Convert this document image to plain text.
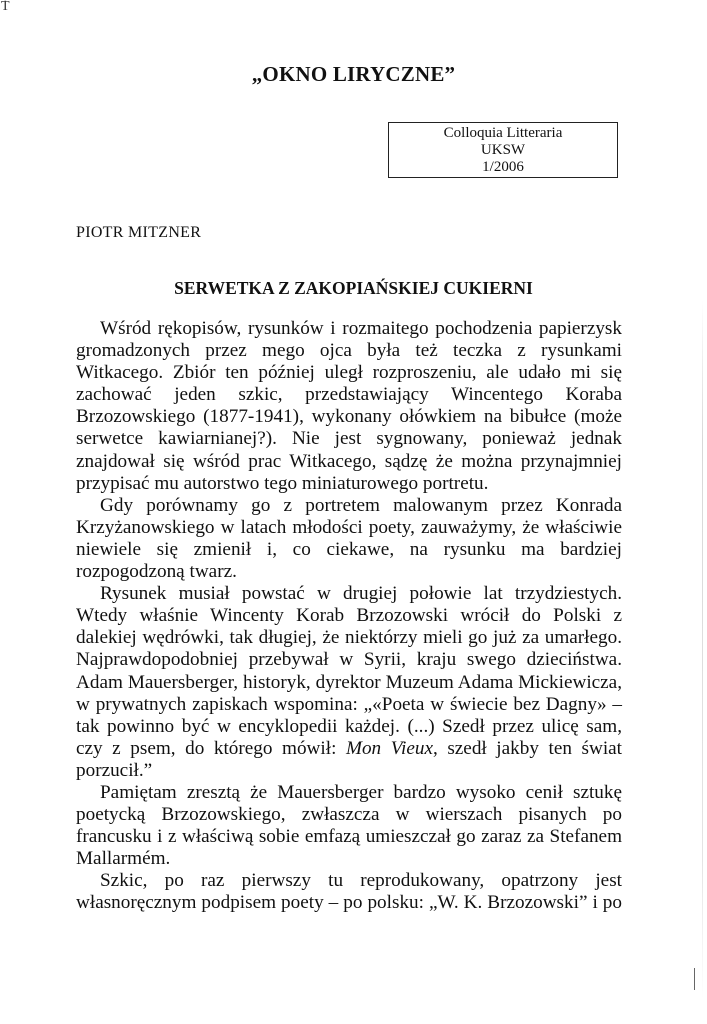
Ť
„OKNO LIRYCZNE”
Colloquia Litteraria
UKSW
1/2006
PIOTR MITZNER
SERWETKA Z ZAKOPIAŃSKIEJ CUKIERNI

Wśród rękopisów, rysunków i rozmaitego pochodzenia papierzysk gromadzonych przez mego ojca była też teczka z rysunkami Witkacego. Zbiór ten później uległ rozproszeniu, ale udało mi się zachować jeden szkic, przedstawiający Wincentego Koraba Brzozowskiego (1877-1941), wykonany ołówkiem na bibułce (może serwetce kawiarnianej?). Nie jest sygnowany, ponieważ jednak znajdował się wśród prac Witkacego, sądzę że można przynajmniej przypisać mu autorstwo tego miniaturowego portretu.

Gdy porównamy go z portretem malowanym przez Konrada Krzyżanowskiego w latach młodości poety, zauważymy, że właściwie niewiele się zmienił i, co ciekawe, na rysunku ma bardziej rozpogodzoną twarz.

Rysunek musiał powstać w drugiej połowie lat trzydziestych. Wtedy właśnie Wincenty Korab Brzozowski wrócił do Polski z dalekiej wędrówki, tak długiej, że niektórzy mieli go już za umarłego. Najprawdopodobniej przebywał w Syrii, kraju swego dzieciństwa. Adam Mauersberger, historyk, dyrektor Muzeum Adama Mickiewicza, w prywatnych zapiskach wspomina: „«Poeta w świecie bez Dagny» – tak powinno być w encyklopedii każdej. (...) Szedł przez ulicę sam, czy z psem, do którego mówił: Mon Vieux, szedł jakby ten świat porzucił.”

Pamiętam zresztą że Mauersberger bardzo wysoko cenił sztukę poetycką Brzozowskiego, zwłaszcza w wierszach pisanych po francusku i z właściwą sobie emfazą umieszczał go zaraz za Stefanem Mallarmém.

Szkic, po raz pierwszy tu reprodukowany, opatrzony jest własnoręcznym podpisem poety – po polsku: „W. K. Brzozowski” i po
